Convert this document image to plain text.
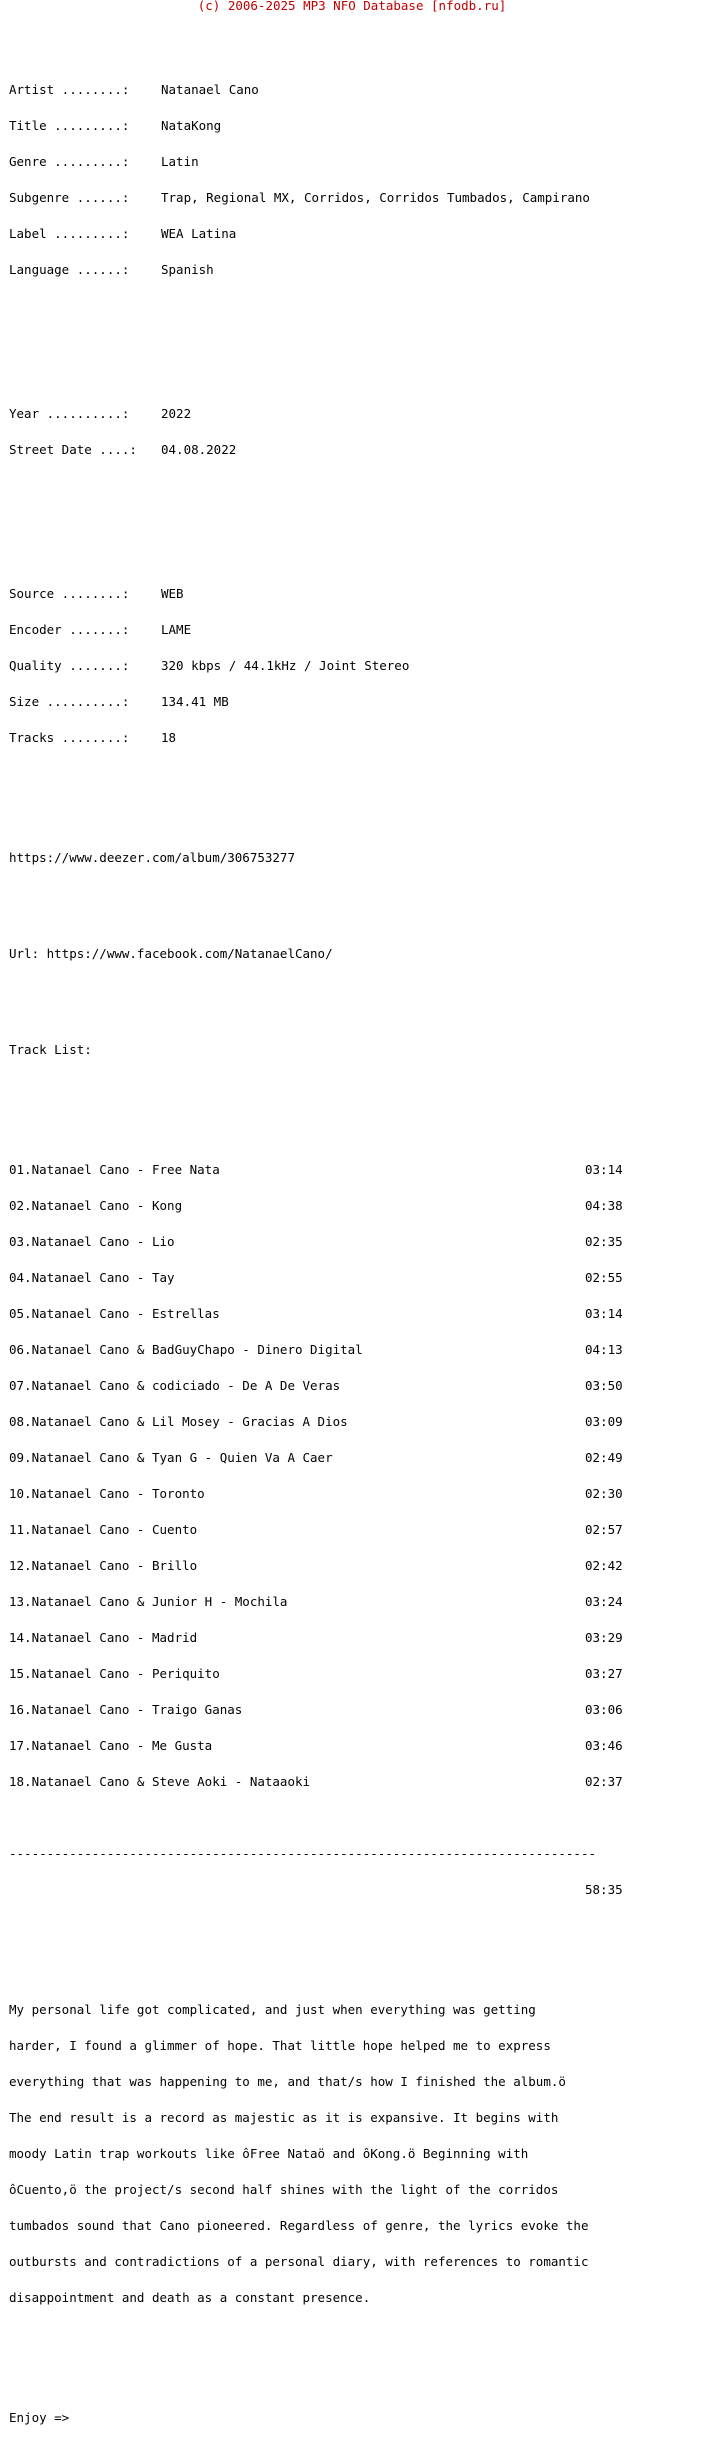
(c) 2006-2025 MP3 NFO Database [nfodb.ru]

Artist ........:	Natanael Cano

Title .........:	NataKong

Genre .........:	Latin

Subgenre ......:	Trap, Regional MX, Corridos, Corridos Tumbados, Campirano

Label .........:	WEA Latina

Language ......:	Spanish

Year ..........:	2022

Street Date ....: 04.08.2022

Source ........:	WEB

Encoder .......:	LAME

Quality .......:	320 kbps / 44.1kHz / Joint Stereo

Size ..........:	134.41 MB

Tracks ........:	18

https://www.deezer.com/album/306753277

Url: https://www.facebook.com/NatanaelCano/

Track List:

01.Natanael Cano - Free Nata	03:14

02.Natanael Cano - Kong	04:38

03.Natanael Cano - Lio	02:35

04.Natanael Cano - Tay	02:55

05.Natanael Cano - Estrellas	03:14

06.Natanael Cano & BadGuyChapo - Dinero Digital	04:13

07.Natanael Cano & codiciado - De A De Veras	03:50

08.Natanael Cano & Lil Mosey - Gracias A Dios	03:09

09.Natanael Cano & Tyan G - Quien Va A Caer	02:49

10.Natanael Cano - Toronto	02:30

11.Natanael Cano - Cuento	02:57

12.Natanael Cano - Brillo	02:42

13.Natanael Cano & Junior H - Mochila	03:24

14.Natanael Cano - Madrid	03:29

15.Natanael Cano - Periquito	03:27

16.Natanael Cano - Traigo Ganas	03:06

17.Natanael Cano - Me Gusta	03:46

18.Natanael Cano & Steve Aoki - Nataaoki	02:37

------------------------------------------------------------------------------

58:35

My personal life got complicated, and just when everything was getting

harder, I found a glimmer of hope. That little hope helped me to express

everything that was happening to me, and that∕s how I finished the album.ö

The end result is a record as majestic as it is expansive. It begins with

moody Latin trap workouts like ôFree Nataö and ôKong.ö Beginning with

ôCuento,ö the project∕s second half shines with the light of the corridos

tumbados sound that Cano pioneered. Regardless of genre, the lyrics evoke the

outbursts and contradictions of a personal diary, with references to romantic

disappointment and death as a constant presence.

Enjoy =>
